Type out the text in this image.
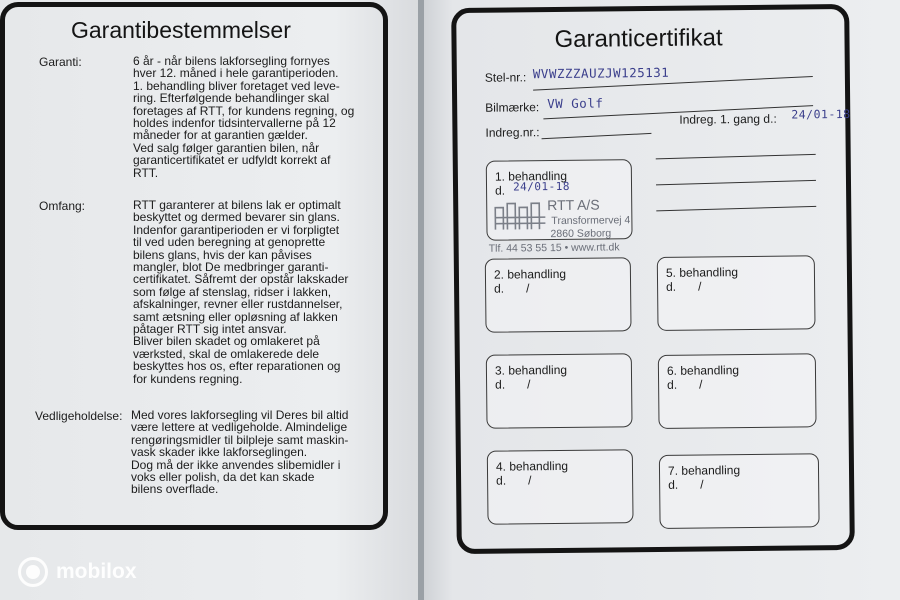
Garantibestemmelser
Garanti:	6 år - når bilens lakforsegling fornyes
hver 12. måned i hele garantiperioden.
1. behandling bliver foretaget ved leve-
ring. Efterfølgende behandlinger skal
foretages af RTT, for kundens regning, og
holdes indenfor tidsintervallerne på 12
måneder for at garantien gælder.
Ved salg følger garantien bilen, når
garanticertifikatet er udfyldt korrekt af
RTT.
Omfang:	RTT garanterer at bilens lak er optimalt
beskyttet og dermed bevarer sin glans.
Indenfor garantiperioden er vi forpligtet
til ved uden beregning at genoprette
bilens glans, hvis der kan påvises
mangler, blot De medbringer garanti-
certifikatet. Såfremt der opstår lakskader
som følge af stenslag, ridser i lakken,
afskalninger, revner eller rustdannelser,
samt ætsning eller opløsning af lakken
påtager RTT sig intet ansvar.
Bliver bilen skadet og omlakeret på
værksted, skal de omlakerede dele
beskyttes hos os, efter reparationen og
for kundens regning.
Vedligeholdelse: Med vores lakforsegling vil Deres bil altid
være lettere at vedligeholde. Almindelige
rengøringsmidler til bilpleje samt maskin-
vask skader ikke lakforseglingen.
Dog må der ikke anvendes slibemidler i
voks eller polish, da det kan skade
bilens overflade.
Garanticertifikat
Stel-nr.: WVWZZZAUZJW125131
Bilmærke: VW Golf
Indreg.nr.:
Indreg. 1. gang d.: 24/01-18
1. behandling
d. 24/01-18
RTT A/S
Transformervej 4
2860 Søborg
Tlf. 44 53 55 15 • www.rtt.dk
2. behandling
d. /
5. behandling
d. /
3. behandling
d. /
6. behandling
d. /
4. behandling
d. /
7. behandling
d. /
mobilox
